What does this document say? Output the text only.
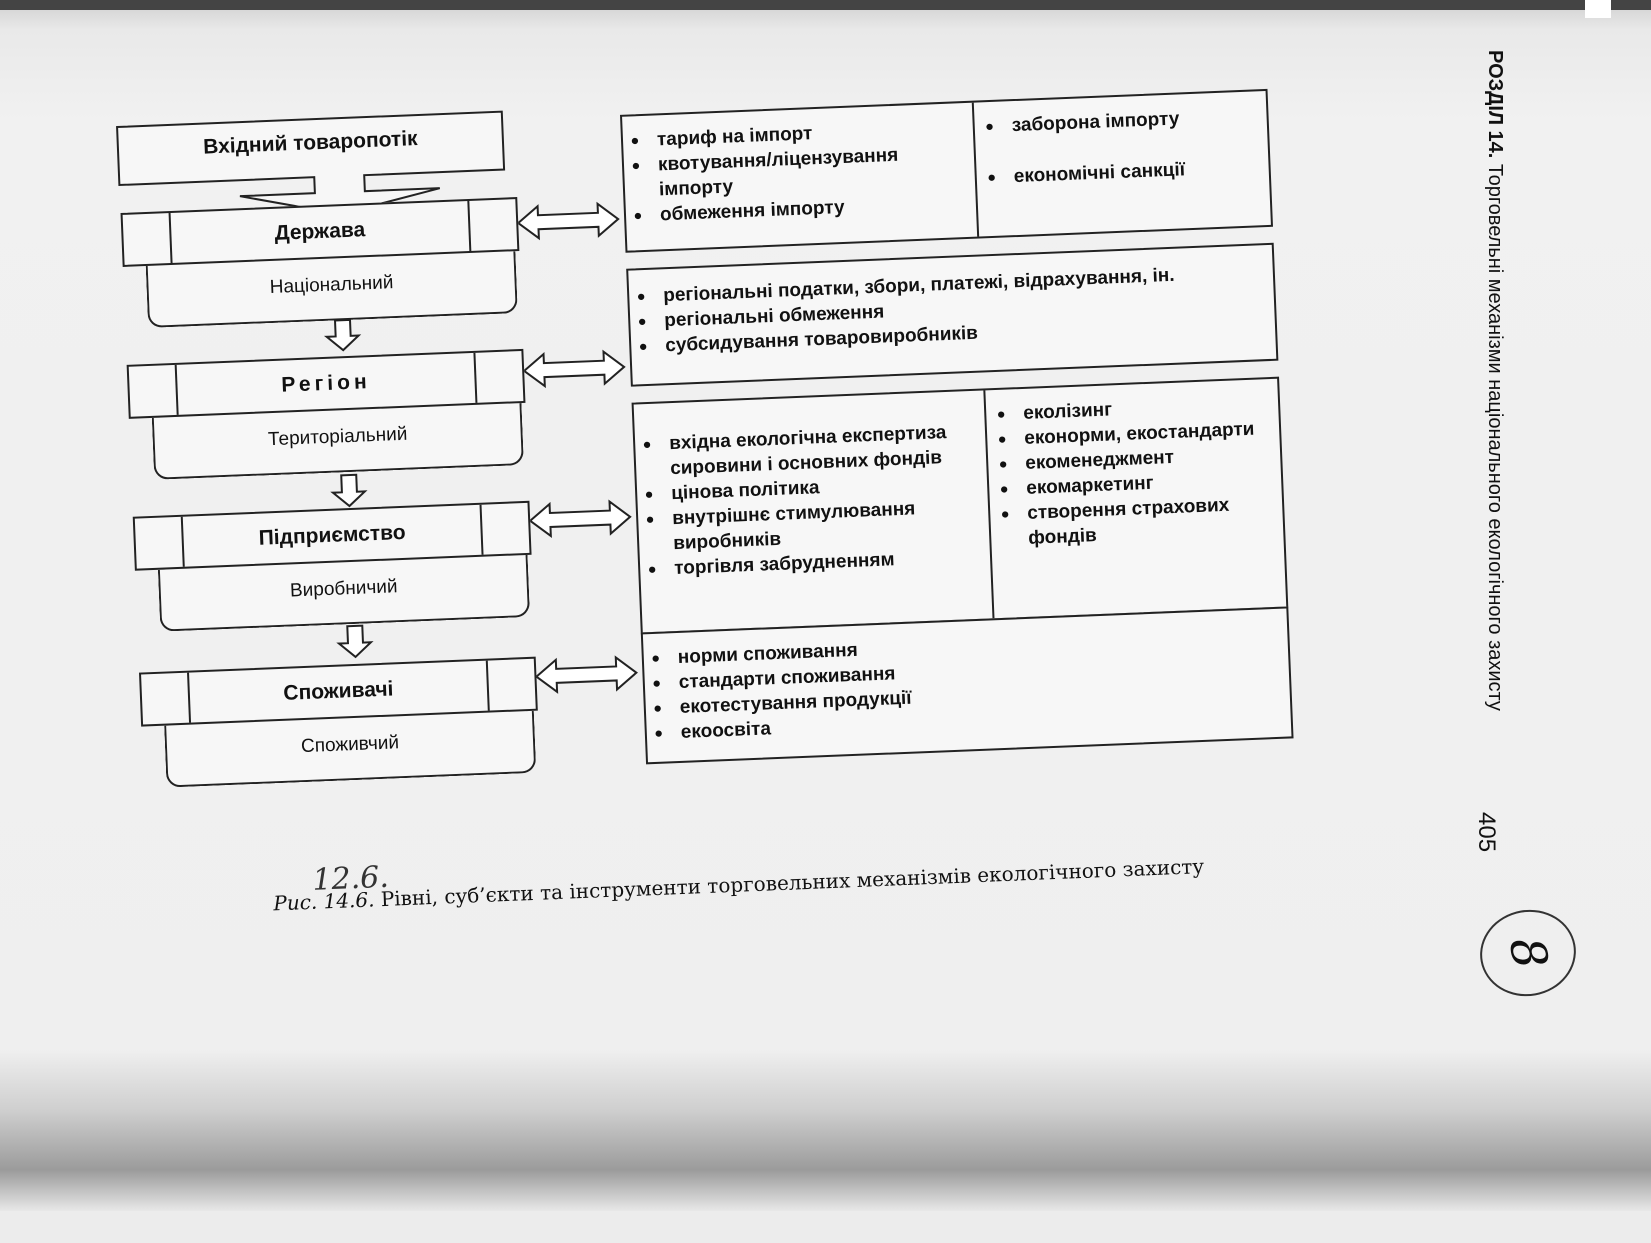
Вхідний товаропотік
Національний
Держава
• тариф на імпорт
• квотування/ліцензування імпорту
• обмеження імпорту
• заборона імпорту
• економічні санкції
Територіальний
Регіон
• регіональні податки, збори, платежі, відрахування, ін.
• регіональні обмеження
• субсидування товаровиробників
Виробничий
Підприємство
• вхідна екологічна експертиза сировини і основних фондів
• цінова політика
• внутрішнє стимулювання виробників
• торгівля забрудненням
• еколізинг
• еконорми, екостандарти
• екоменеджмент
• екомаркетинг
• створення страхових фондів
Споживчий
Споживачі
• норми споживання
• стандарти споживання
• екотестування продукції
• екоосвіта
12.6.
Рис. 14.6. Рівні, суб’єкти та інструменти торговельних механізмів екологічного захисту
РОЗДІЛ 14. Торговельні механізми національного екологічного захисту
405
8
